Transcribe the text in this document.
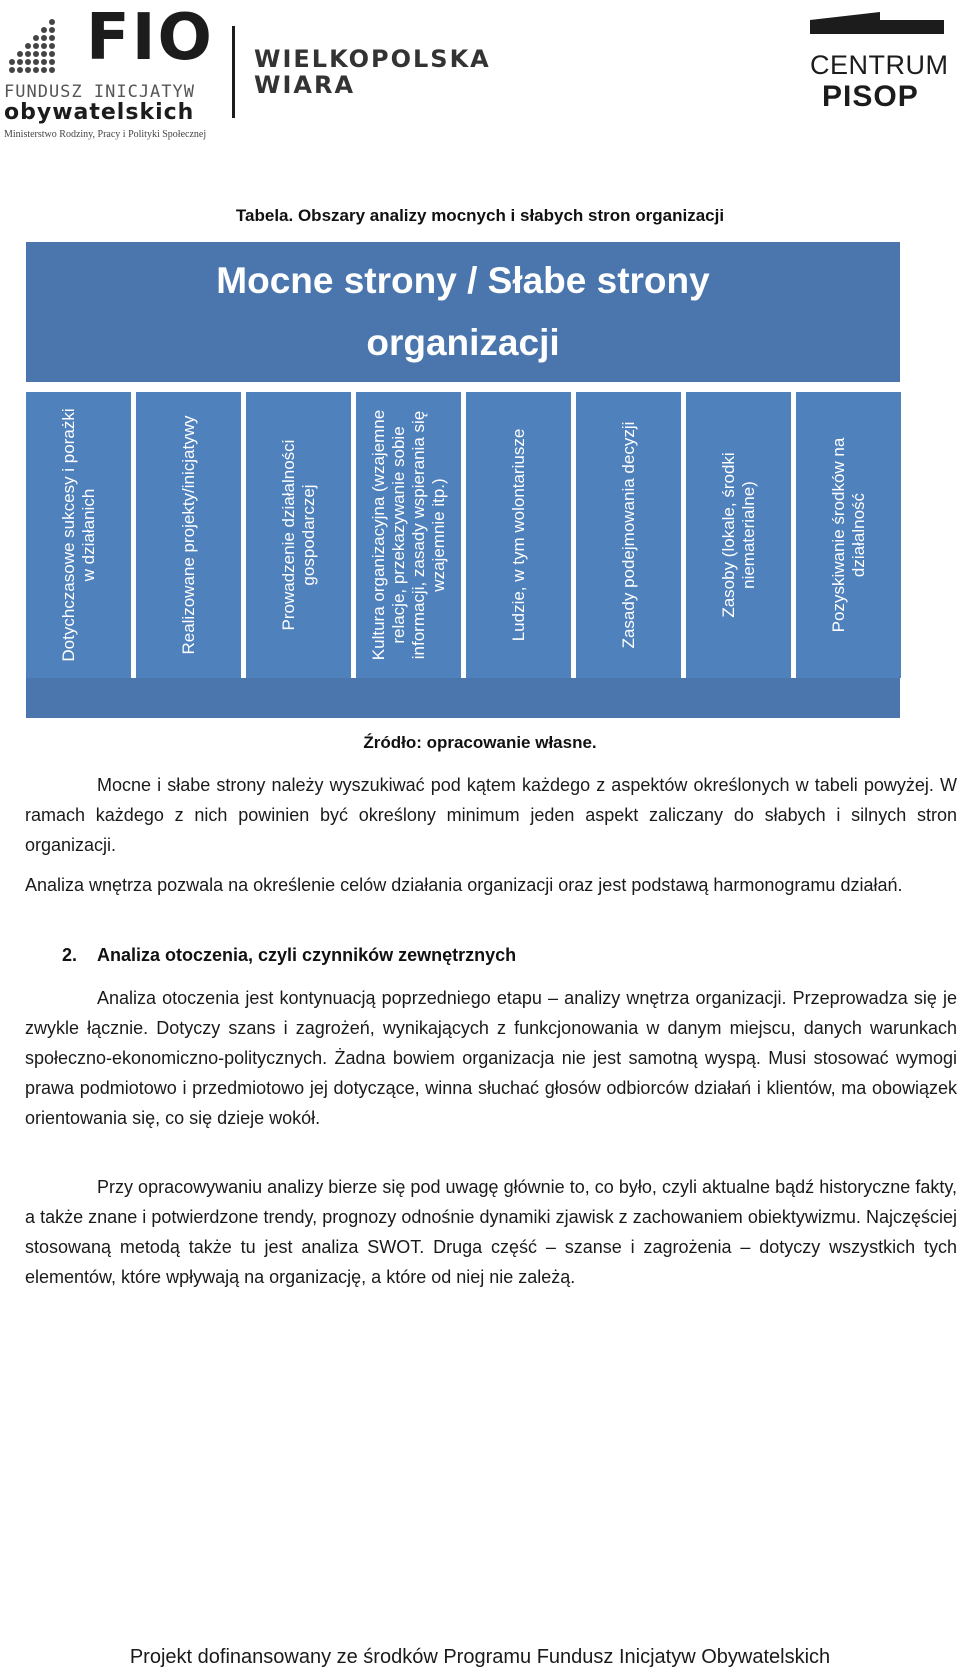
FIO
FUNDUSZ INICJATYW
obywatelskich
Ministerstwo Rodziny, Pracy i Polityki Społecznej
WIELKOPOLSKA
WIARA
CENTRUM
PISOP
Tabela. Obszary analizy mocnych i słabych stron organizacji
Mocne strony / Słabe strony
organizacji
Dotychczasowe sukcesy i porażki w działanich	Realizowane projekty/inicjatywy	Prowadzenie działalności gospodarczej	Kultura organizacyjna (wzajemne relacje, przekazywanie sobie informacji, zasady wspierania się wzajemnie itp.)	Ludzie, w tym wolontariusze	Zasady podejmowania decyzji	Zasoby (lokale, środki niematerialne)	Pozyskiwanie środków na działalność
Źródło: opracowanie własne.

Mocne i słabe strony należy wyszukiwać pod kątem każdego z aspektów określonych w tabeli powyżej. W ramach każdego z nich powinien być określony minimum jeden aspekt zaliczany do słabych i silnych stron organizacji.

Analiza wnętrza pozwala na określenie celów działania organizacji oraz jest podstawą harmonogramu działań.

2. Analiza otoczenia, czyli czynników zewnętrznych

Analiza otoczenia jest kontynuacją poprzedniego etapu – analizy wnętrza organizacji. Przeprowadza się je zwykle łącznie. Dotyczy szans i zagrożeń, wynikających z funkcjonowania w danym miejscu, danych warunkach społeczno-ekonomiczno-politycznych. Żadna bowiem organizacja nie jest samotną wyspą. Musi stosować wymogi prawa podmiotowo i przedmiotowo jej dotyczące, winna słuchać głosów odbiorców działań i klientów, ma obowiązek orientowania się, co się dzieje wokół.

Przy opracowywaniu analizy bierze się pod uwagę głównie to, co było, czyli aktualne bądź historyczne fakty, a także znane i potwierdzone trendy, prognozy odnośnie dynamiki zjawisk z zachowaniem obiektywizmu. Najczęściej stosowaną metodą także tu jest analiza SWOT. Druga część – szanse i zagrożenia – dotyczy wszystkich tych elementów, które wpływają na organizację, a które od niej nie zależą.

Projekt dofinansowany ze środków Programu Fundusz Inicjatyw Obywatelskich
